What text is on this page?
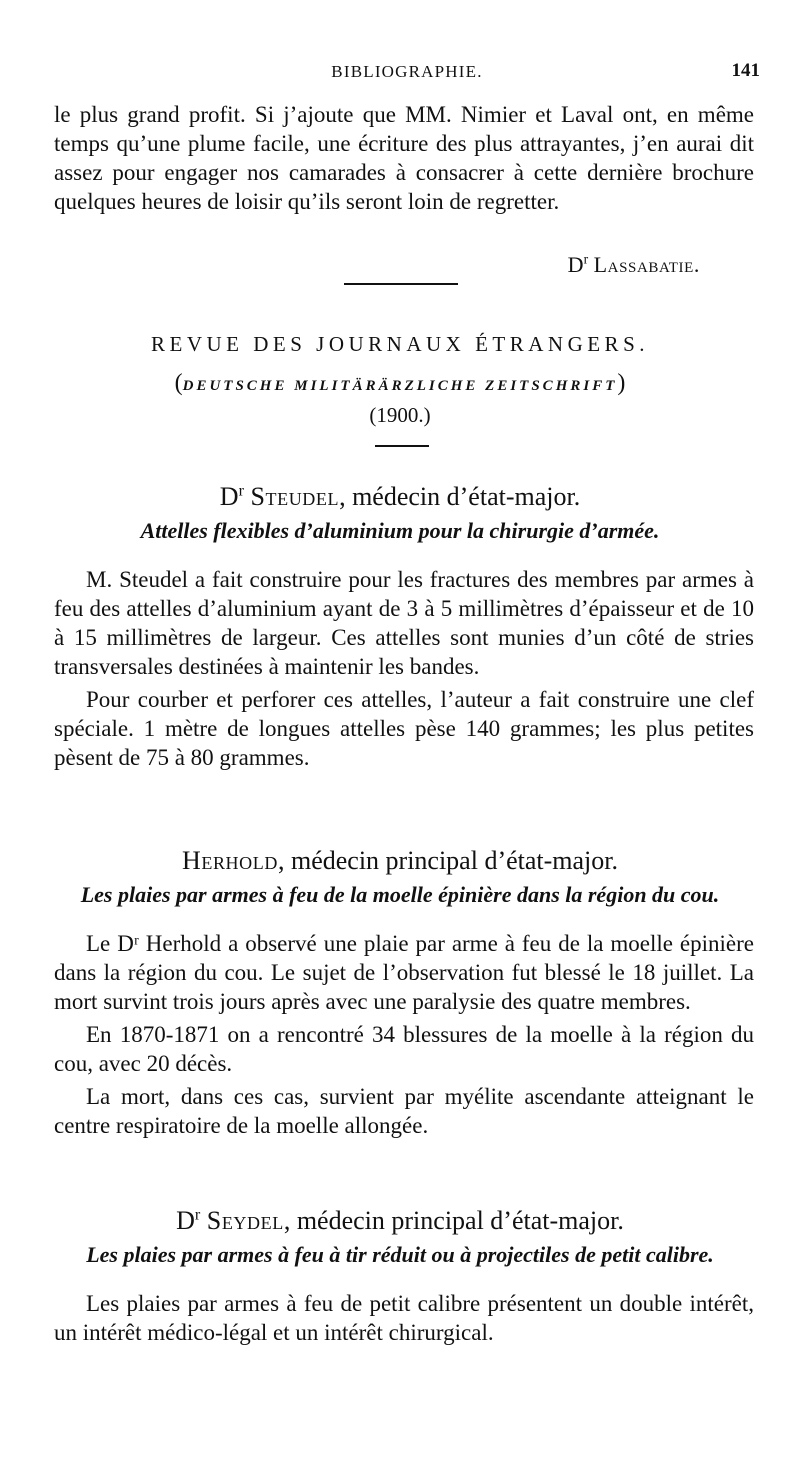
BIBLIOGRAPHIE.	141

le plus grand profit. Si j’ajoute que MM. Nimier et Laval ont, en même temps qu’une plume facile, une écriture des plus attrayantes, j’en aurai dit assez pour engager nos camarades à consacrer à cette dernière brochure quelques heures de loisir qu’ils seront loin de regretter.

$D^r$ Lassabatie.
REVUE DES JOURNAUX ÉTRANGERS.
(DEUTSCHE MILITÄRÄRZLICHE ZEITSCHRIFT)
(1900.)
$D^r$ Steudel, médecin d’état-major.
Attelles flexibles d’aluminium pour la chirurgie d’armée.

M. Steudel a fait construire pour les fractures des membres par armes à feu des attelles d’aluminium ayant de 3 à 5 millimètres d’épaisseur et de 10 à 15 millimètres de largeur. Ces attelles sont munies d’un côté de stries transversales destinées à maintenir les bandes.

Pour courber et perforer ces attelles, l’auteur a fait construire une clef spéciale. 1 mètre de longues attelles pèse 140 grammes; les plus petites pèsent de 75 à 80 grammes.

Herhold, médecin principal d’état-major.
Les plaies par armes à feu de la moelle épinière dans la région du cou.

Le Dʳ Herhold a observé une plaie par arme à feu de la moelle épinière dans la région du cou. Le sujet de l’observation fut blessé le 18 juillet. La mort survint trois jours après avec une paralysie des quatre membres.

En 1870-1871 on a rencontré 34 blessures de la moelle à la région du cou, avec 20 décès.

La mort, dans ces cas, survient par myélite ascendante atteignant le centre respiratoire de la moelle allongée.

$D^r$ Seydel, médecin principal d’état-major.
Les plaies par armes à feu à tir réduit ou à projectiles de petit calibre.

Les plaies par armes à feu de petit calibre présentent un double intérêt, un intérêt médico-légal et un intérêt chirurgical.
